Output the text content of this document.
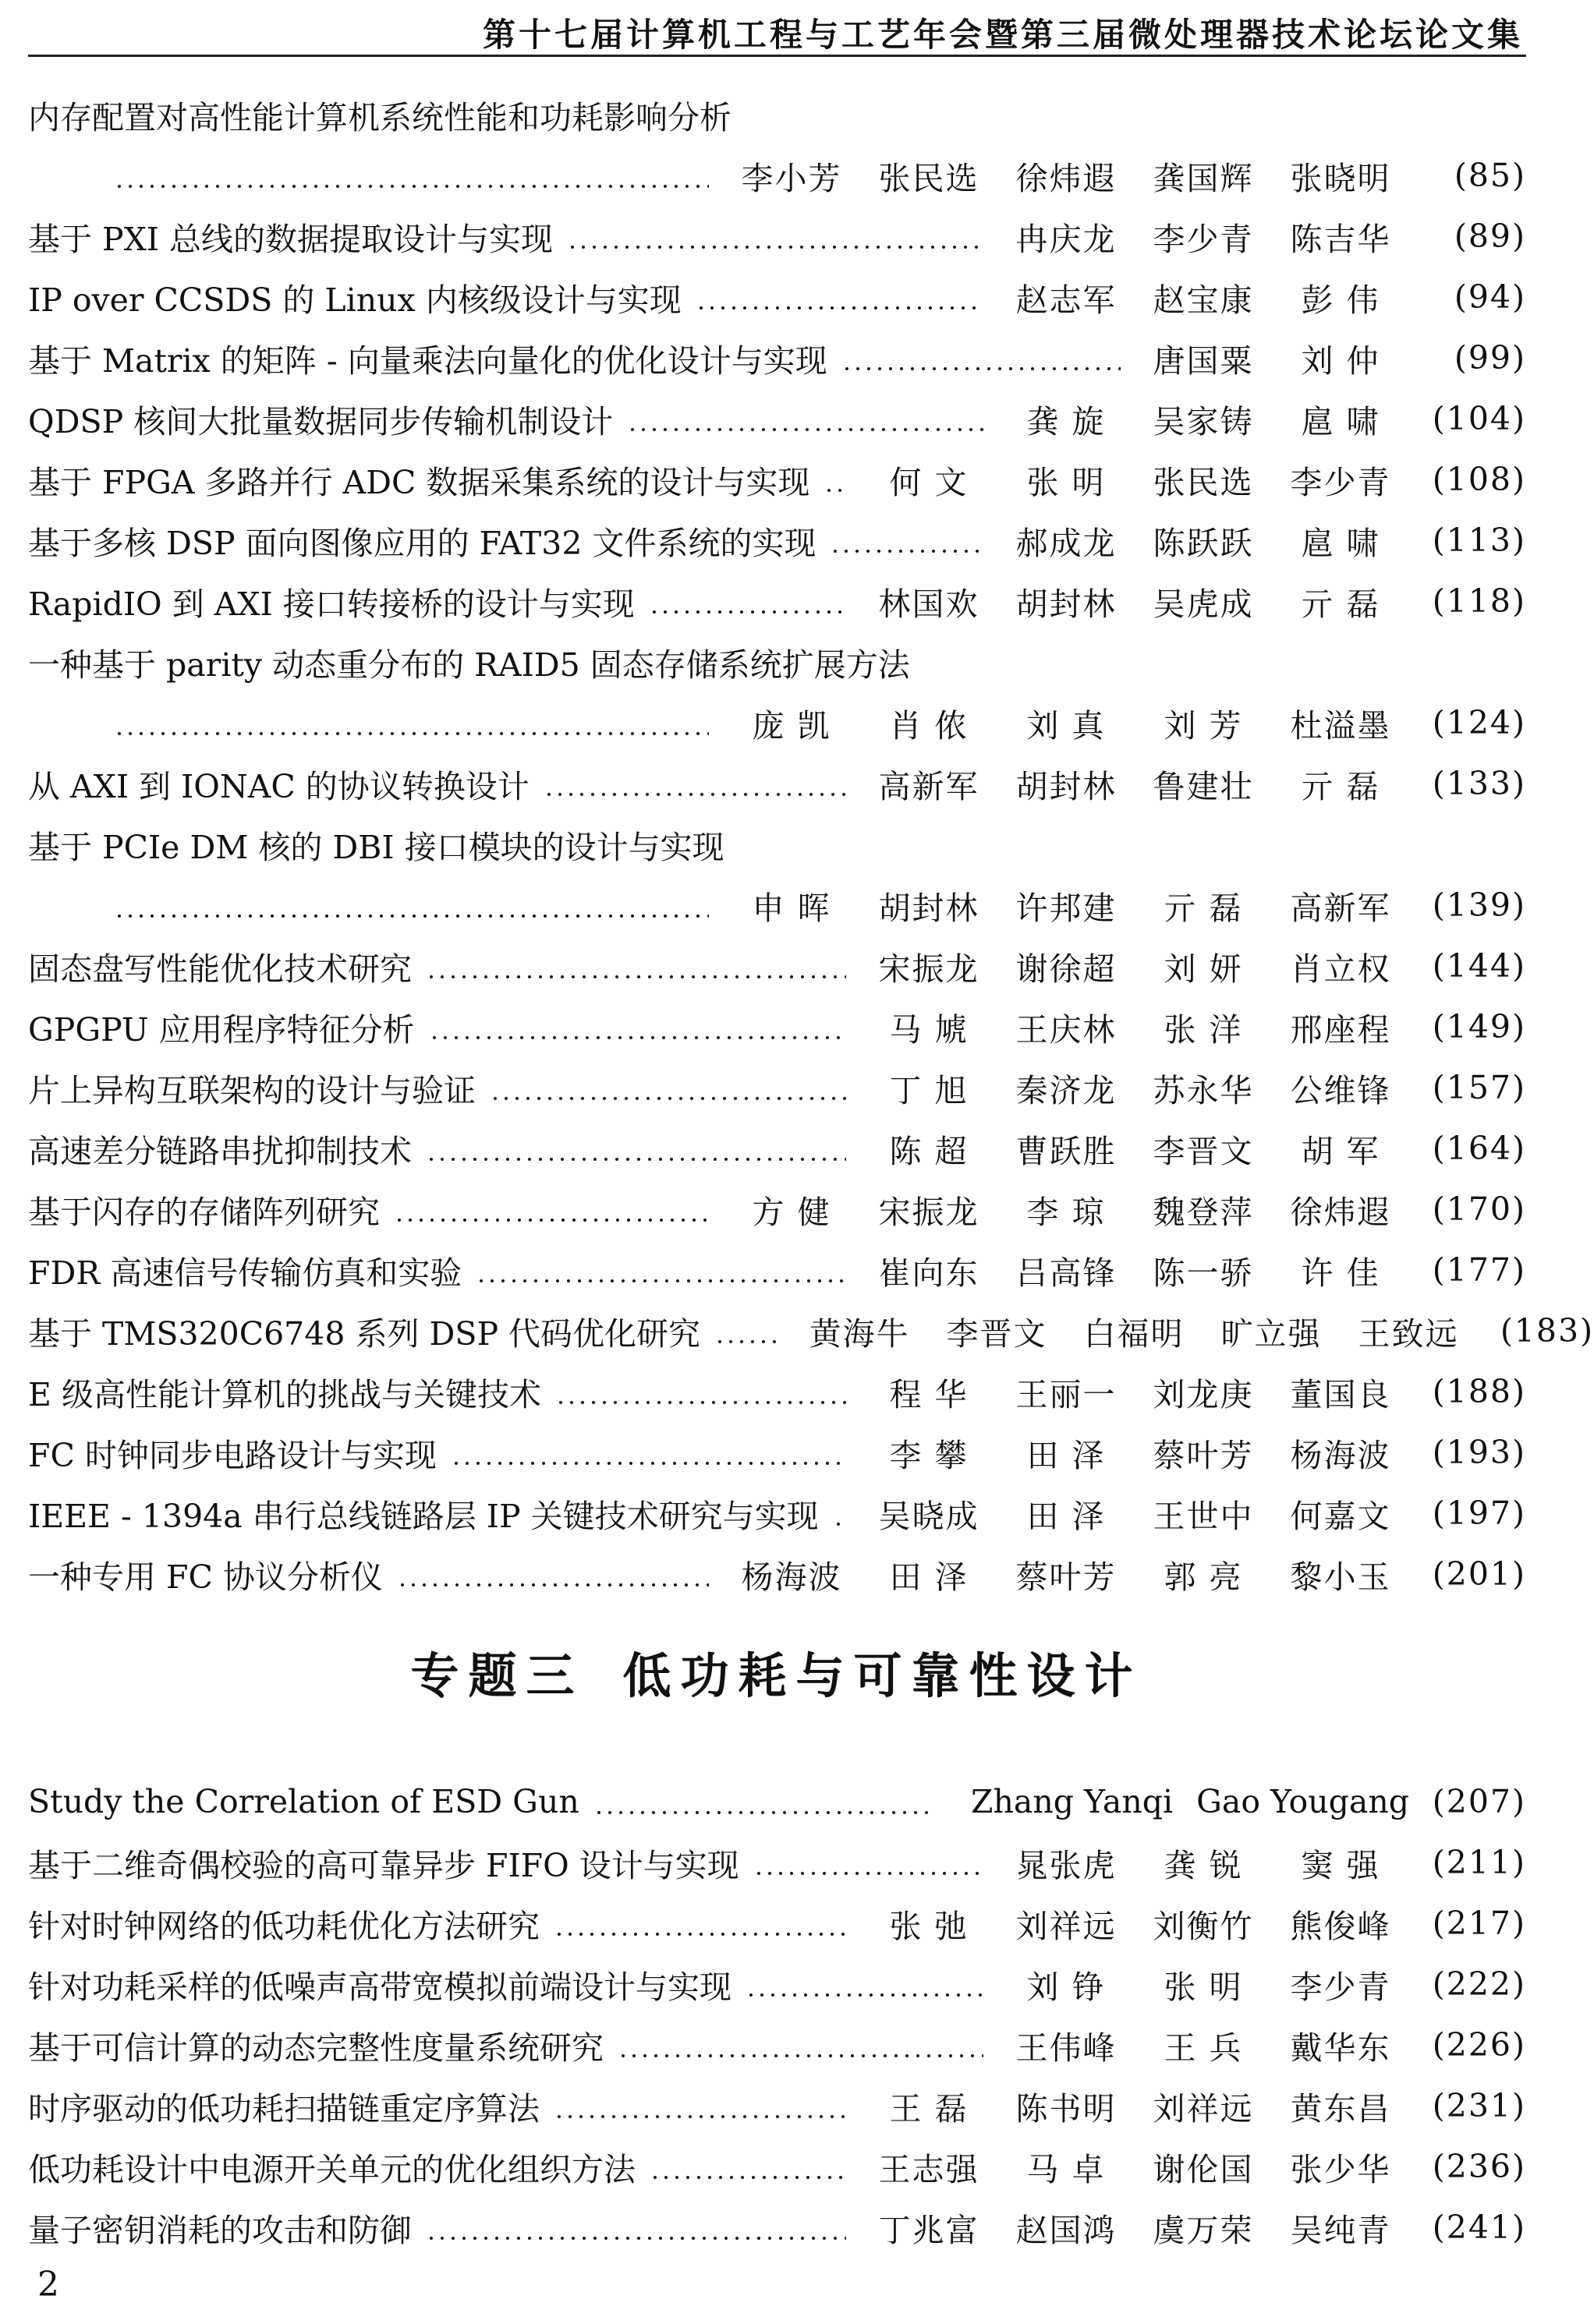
第十七届计算机工程与工艺年会暨第三届微处理器技术论坛论文集
内存配置对高性能计算机系统性能和功耗影响分析
李小芳	张民选	徐炜遐	龚国辉	张晓明	(85)
基于 PXI 总线的数据提取设计与实现	冉庆龙	李少青	陈吉华	(89)
IP over CCSDS 的 Linux 内核级设计与实现	赵志军	赵宝康	彭 伟	(94)
基于 Matrix 的矩阵 - 向量乘法向量化的优化设计与实现	唐国粟	刘 仲	(99)
QDSP 核间大批量数据同步传输机制设计	龚 旋	吴家铸	扈 啸	(104)
基于 FPGA 多路并行 ADC 数据采集系统的设计与实现	何 文	张 明	张民选	李少青	(108)
基于多核 DSP 面向图像应用的 FAT32 文件系统的实现	郝成龙	陈跃跃	扈 啸	(113)
RapidIO 到 AXI 接口转接桥的设计与实现	林国欢	胡封林	吴虎成	亓 磊	(118)
一种基于 parity 动态重分布的 RAID5 固态存储系统扩展方法
庞 凯	肖 侬	刘 真	刘 芳	杜溢墨	(124)
从 AXI 到 IONAC 的协议转换设计	高新军	胡封林	鲁建壮	亓 磊	(133)
基于 PCIe DM 核的 DBI 接口模块的设计与实现
申 晖	胡封林	许邦建	亓 磊	高新军	(139)
固态盘写性能优化技术研究	宋振龙	谢徐超	刘 妍	肖立权	(144)
GPGPU 应用程序特征分析	马 虓	王庆林	张 洋	邢座程	(149)
片上异构互联架构的设计与验证	丁 旭	秦济龙	苏永华	公维锋	(157)
高速差分链路串扰抑制技术	陈 超	曹跃胜	李晋文	胡 军	(164)
基于闪存的存储阵列研究	方 健	宋振龙	李 琼	魏登萍	徐炜遐	(170)
FDR 高速信号传输仿真和实验	崔向东	吕高锋	陈一骄	许 佳	(177)
基于 TMS320C6748 系列 DSP 代码优化研究	黄海牛	李晋文	白福明	旷立强	王致远	(183)
E 级高性能计算机的挑战与关键技术	程 华	王丽一	刘龙庚	董国良	(188)
FC 时钟同步电路设计与实现	李 攀	田 泽	蔡叶芳	杨海波	(193)
IEEE - 1394a 串行总线链路层 IP 关键技术研究与实现	吴晓成	田 泽	王世中	何嘉文	(197)
一种专用 FC 协议分析仪	杨海波	田 泽	蔡叶芳	郭 亮	黎小玉	(201)
专题三 低功耗与可靠性设计
Study the Correlation of ESD Gun	Zhang Yanqi Gao Yougang (207)
基于二维奇偶校验的高可靠异步 FIFO 设计与实现	晁张虎	龚 锐	窦 强	(211)
针对时钟网络的低功耗优化方法研究	张 弛	刘祥远	刘衡竹	熊俊峰	(217)
针对功耗采样的低噪声高带宽模拟前端设计与实现	刘 铮	张 明	李少青	(222)
基于可信计算的动态完整性度量系统研究	王伟峰	王 兵	戴华东	(226)
时序驱动的低功耗扫描链重定序算法	王 磊	陈书明	刘祥远	黄东昌	(231)
低功耗设计中电源开关单元的优化组织方法	王志强	马 卓	谢伦国	张少华	(236)
量子密钥消耗的攻击和防御	丁兆富	赵国鸿	虞万荣	吴纯青	(241)
2
